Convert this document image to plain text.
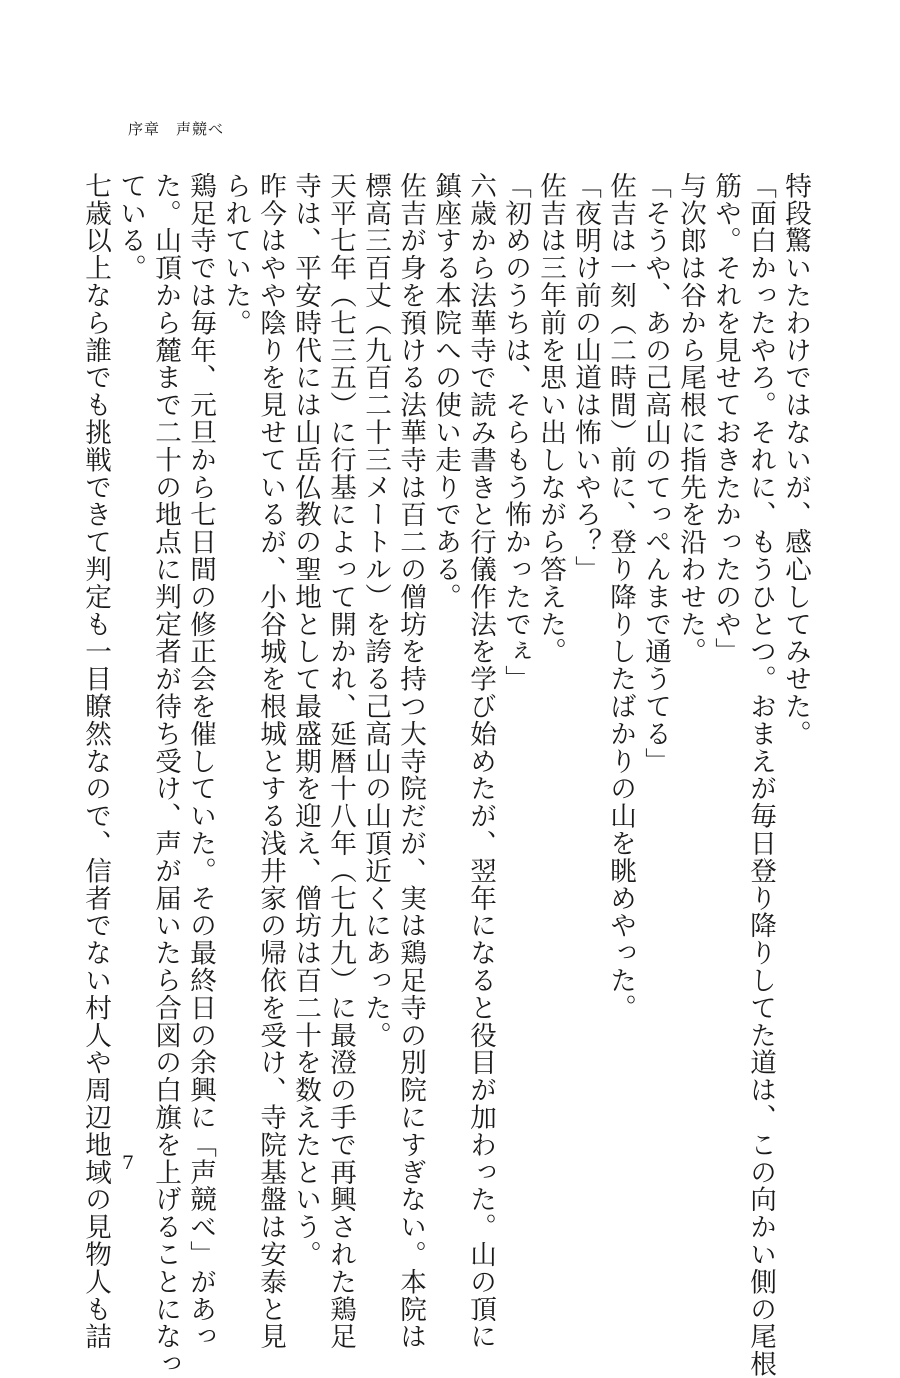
序章　声競べ
特段驚いたわけではないが、感心してみせた。
「面白かったやろ。それに、もうひとつ。おまえが毎日登り降りしてた道は、この向かい側の尾根
筋や。それを見せておきたかったのや」
与次郎は谷から尾根に指先を沿わせた。
「そうや、あの己高山のてっぺんまで通うてる」
佐吉は一刻（二時間）前に、登り降りしたばかりの山を眺めやった。
「夜明け前の山道は怖いやろ？」
佐吉は三年前を思い出しながら答えた。
「初めのうちは、そらもう怖かったでぇ」
六歳から法華寺で読み書きと行儀作法を学び始めたが、翌年になると役目が加わった。山の頂に
鎮座する本院への使い走りである。
佐吉が身を預ける法華寺は百二の僧坊を持つ大寺院だが、実は鶏足寺の別院にすぎない。本院は
標高三百丈（九百二十三メートル）を誇る己高山の山頂近くにあった。
天平七年（七三五）に行基によって開かれ、延暦十八年（七九九）に最澄の手で再興された鶏足
寺は、平安時代には山岳仏教の聖地として最盛期を迎え、僧坊は百二十を数えたという。
昨今はやや陰りを見せているが、小谷城を根城とする浅井家の帰依を受け、寺院基盤は安泰と見
られていた。
鶏足寺では毎年、元旦から七日間の修正会を催していた。その最終日の余興に「声競べ」があっ
た。山頂から麓まで二十の地点に判定者が待ち受け、声が届いたら合図の白旗を上げることになっ
ている。
七歳以上なら誰でも挑戦できて判定も一目瞭然なので、信者でない村人や周辺地域の見物人も詰 7
